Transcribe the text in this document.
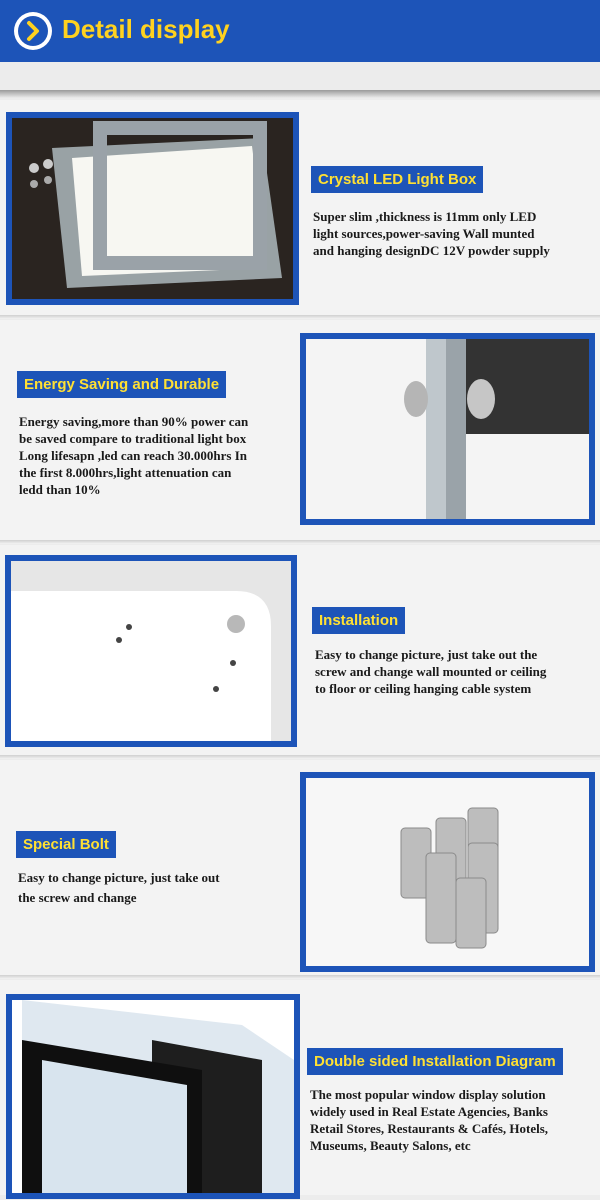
Detail display
Crystal LED Light Box
Super slim ,thickness is 11mm only LED
light sources,power-saving Wall munted
and hanging designDC 12V powder supply
Energy Saving and Durable
Energy saving,more than 90% power can
be saved compare to traditional light box
Long lifesapn ,led can reach 30.000hrs In
the first 8.000hrs,light attenuation can
ledd than 10%
Installation
Easy to change picture, just take out the
screw and change wall mounted or ceiling
to floor or ceiling hanging cable system
Special Bolt
Easy to change picture, just take out
the screw and change
Double sided Installation Diagram
The most popular window display solution
widely used in Real Estate Agencies, Banks
Retail Stores, Restaurants & Cafés, Hotels,
Museums, Beauty Salons, etc
